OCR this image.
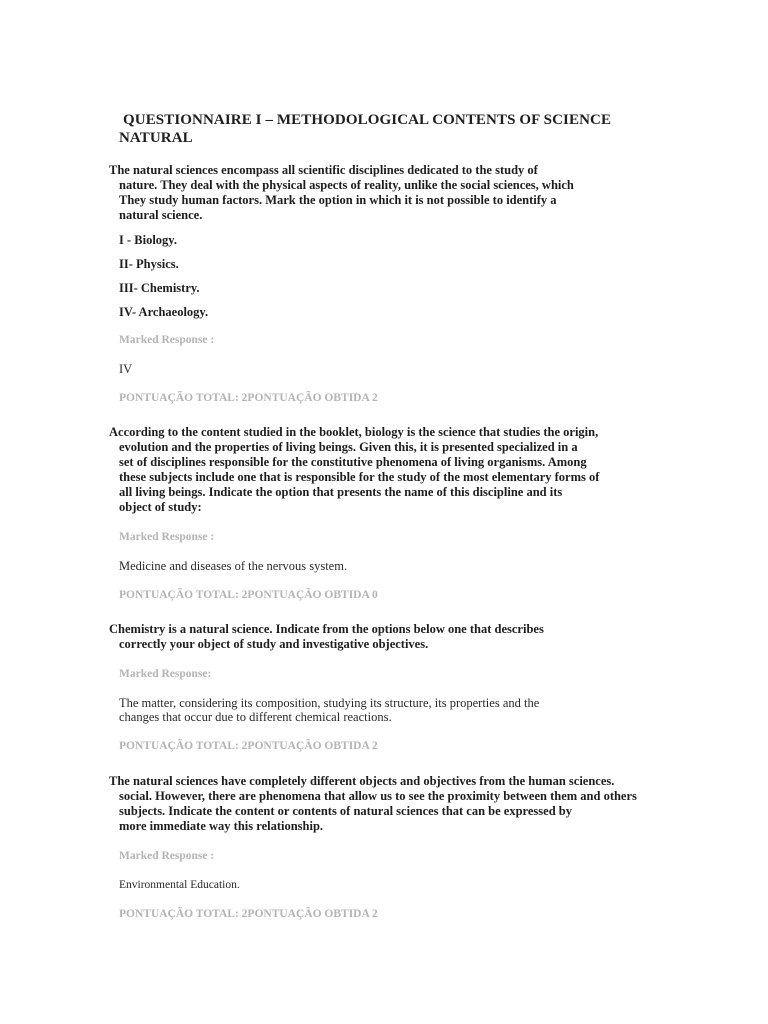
QUESTIONNAIRE I – METHODOLOGICAL CONTENTS OF SCIENCE
NATURAL
The natural sciences encompass all scientific disciplines dedicated to the study of
nature. They deal with the physical aspects of reality, unlike the social sciences, which
They study human factors. Mark the option in which it is not possible to identify a
natural science.
I - Biology.
II- Physics.
III- Chemistry.
IV- Archaeology.
Marked Response :
IV
PONTUAÇÃO TOTAL: 2PONTUAÇÃO OBTIDA 2
According to the content studied in the booklet, biology is the science that studies the origin,
evolution and the properties of living beings. Given this, it is presented specialized in a
set of disciplines responsible for the constitutive phenomena of living organisms. Among
these subjects include one that is responsible for the study of the most elementary forms of
all living beings. Indicate the option that presents the name of this discipline and its
object of study:
Marked Response :
Medicine and diseases of the nervous system.
PONTUAÇÃO TOTAL: 2PONTUAÇÃO OBTIDA 0
Chemistry is a natural science. Indicate from the options below one that describes
correctly your object of study and investigative objectives.
Marked Response:
The matter, considering its composition, studying its structure, its properties and the
changes that occur due to different chemical reactions.
PONTUAÇÃO TOTAL: 2PONTUAÇÃO OBTIDA 2
The natural sciences have completely different objects and objectives from the human sciences.
social. However, there are phenomena that allow us to see the proximity between them and others
subjects. Indicate the content or contents of natural sciences that can be expressed by
more immediate way this relationship.
Marked Response :
Environmental Education.
PONTUAÇÃO TOTAL: 2PONTUAÇÃO OBTIDA 2
